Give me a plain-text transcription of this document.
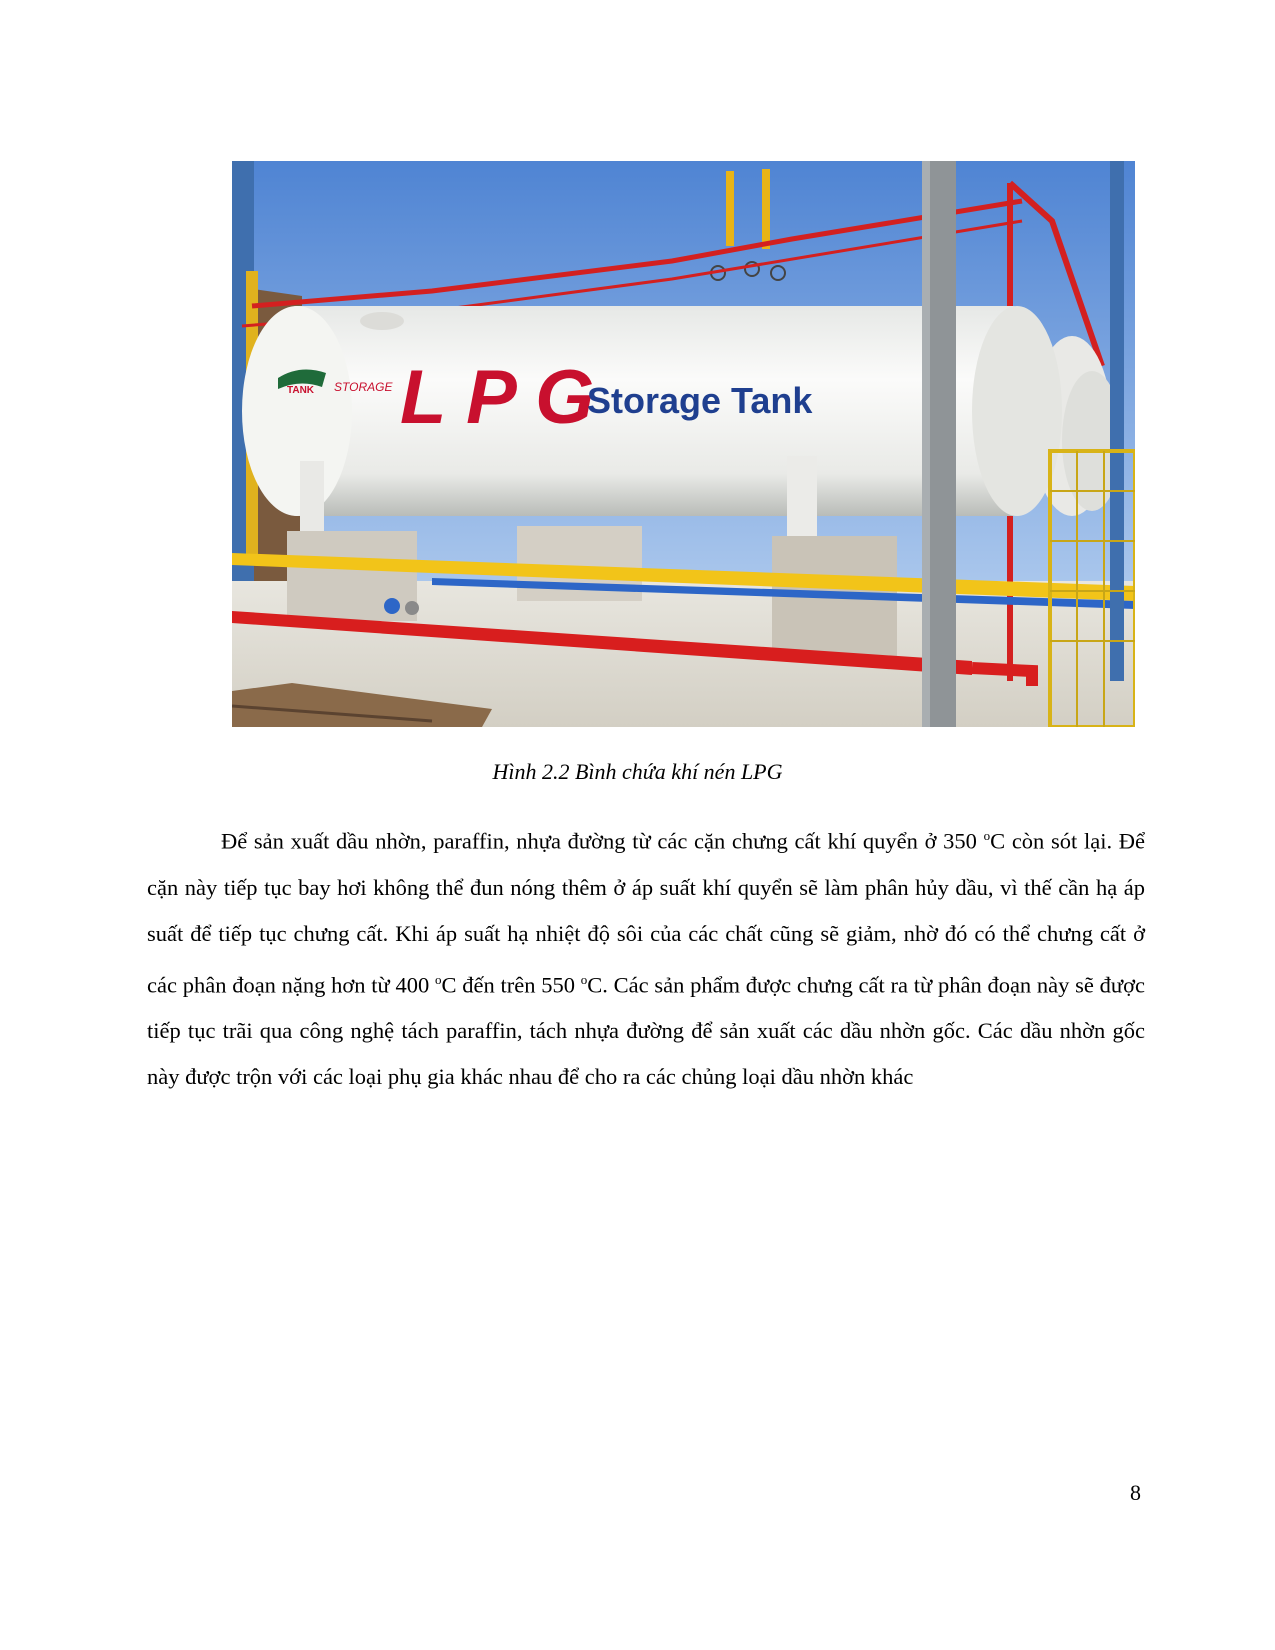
TANK STORAGE L P G
Storage Tank
Hình 2.2 Bình chứa khí nén LPG

Để sản xuất dầu nhờn, paraffin, nhựa đường từ các cặn chưng cất khí quyển ở 350 $^o$C còn sót lại. Để cặn này tiếp tục bay hơi không thể đun nóng thêm ở áp suất khí quyển sẽ làm phân hủy dầu, vì thế cần hạ áp suất để tiếp tục chưng cất. Khi áp suất hạ nhiệt độ sôi của các chất cũng sẽ giảm, nhờ đó có thể chưng cất ở các phân đoạn nặng hơn từ 400 $^o$C đến trên 550 $^o$C. Các sản phẩm được chưng cất ra từ phân đoạn này sẽ được tiếp tục trãi qua công nghệ tách paraffin, tách nhựa đường để sản xuất các dầu nhờn gốc. Các dầu nhờn gốc này được trộn với các loại phụ gia khác nhau để cho ra các chủng loại dầu nhờn khác

8
